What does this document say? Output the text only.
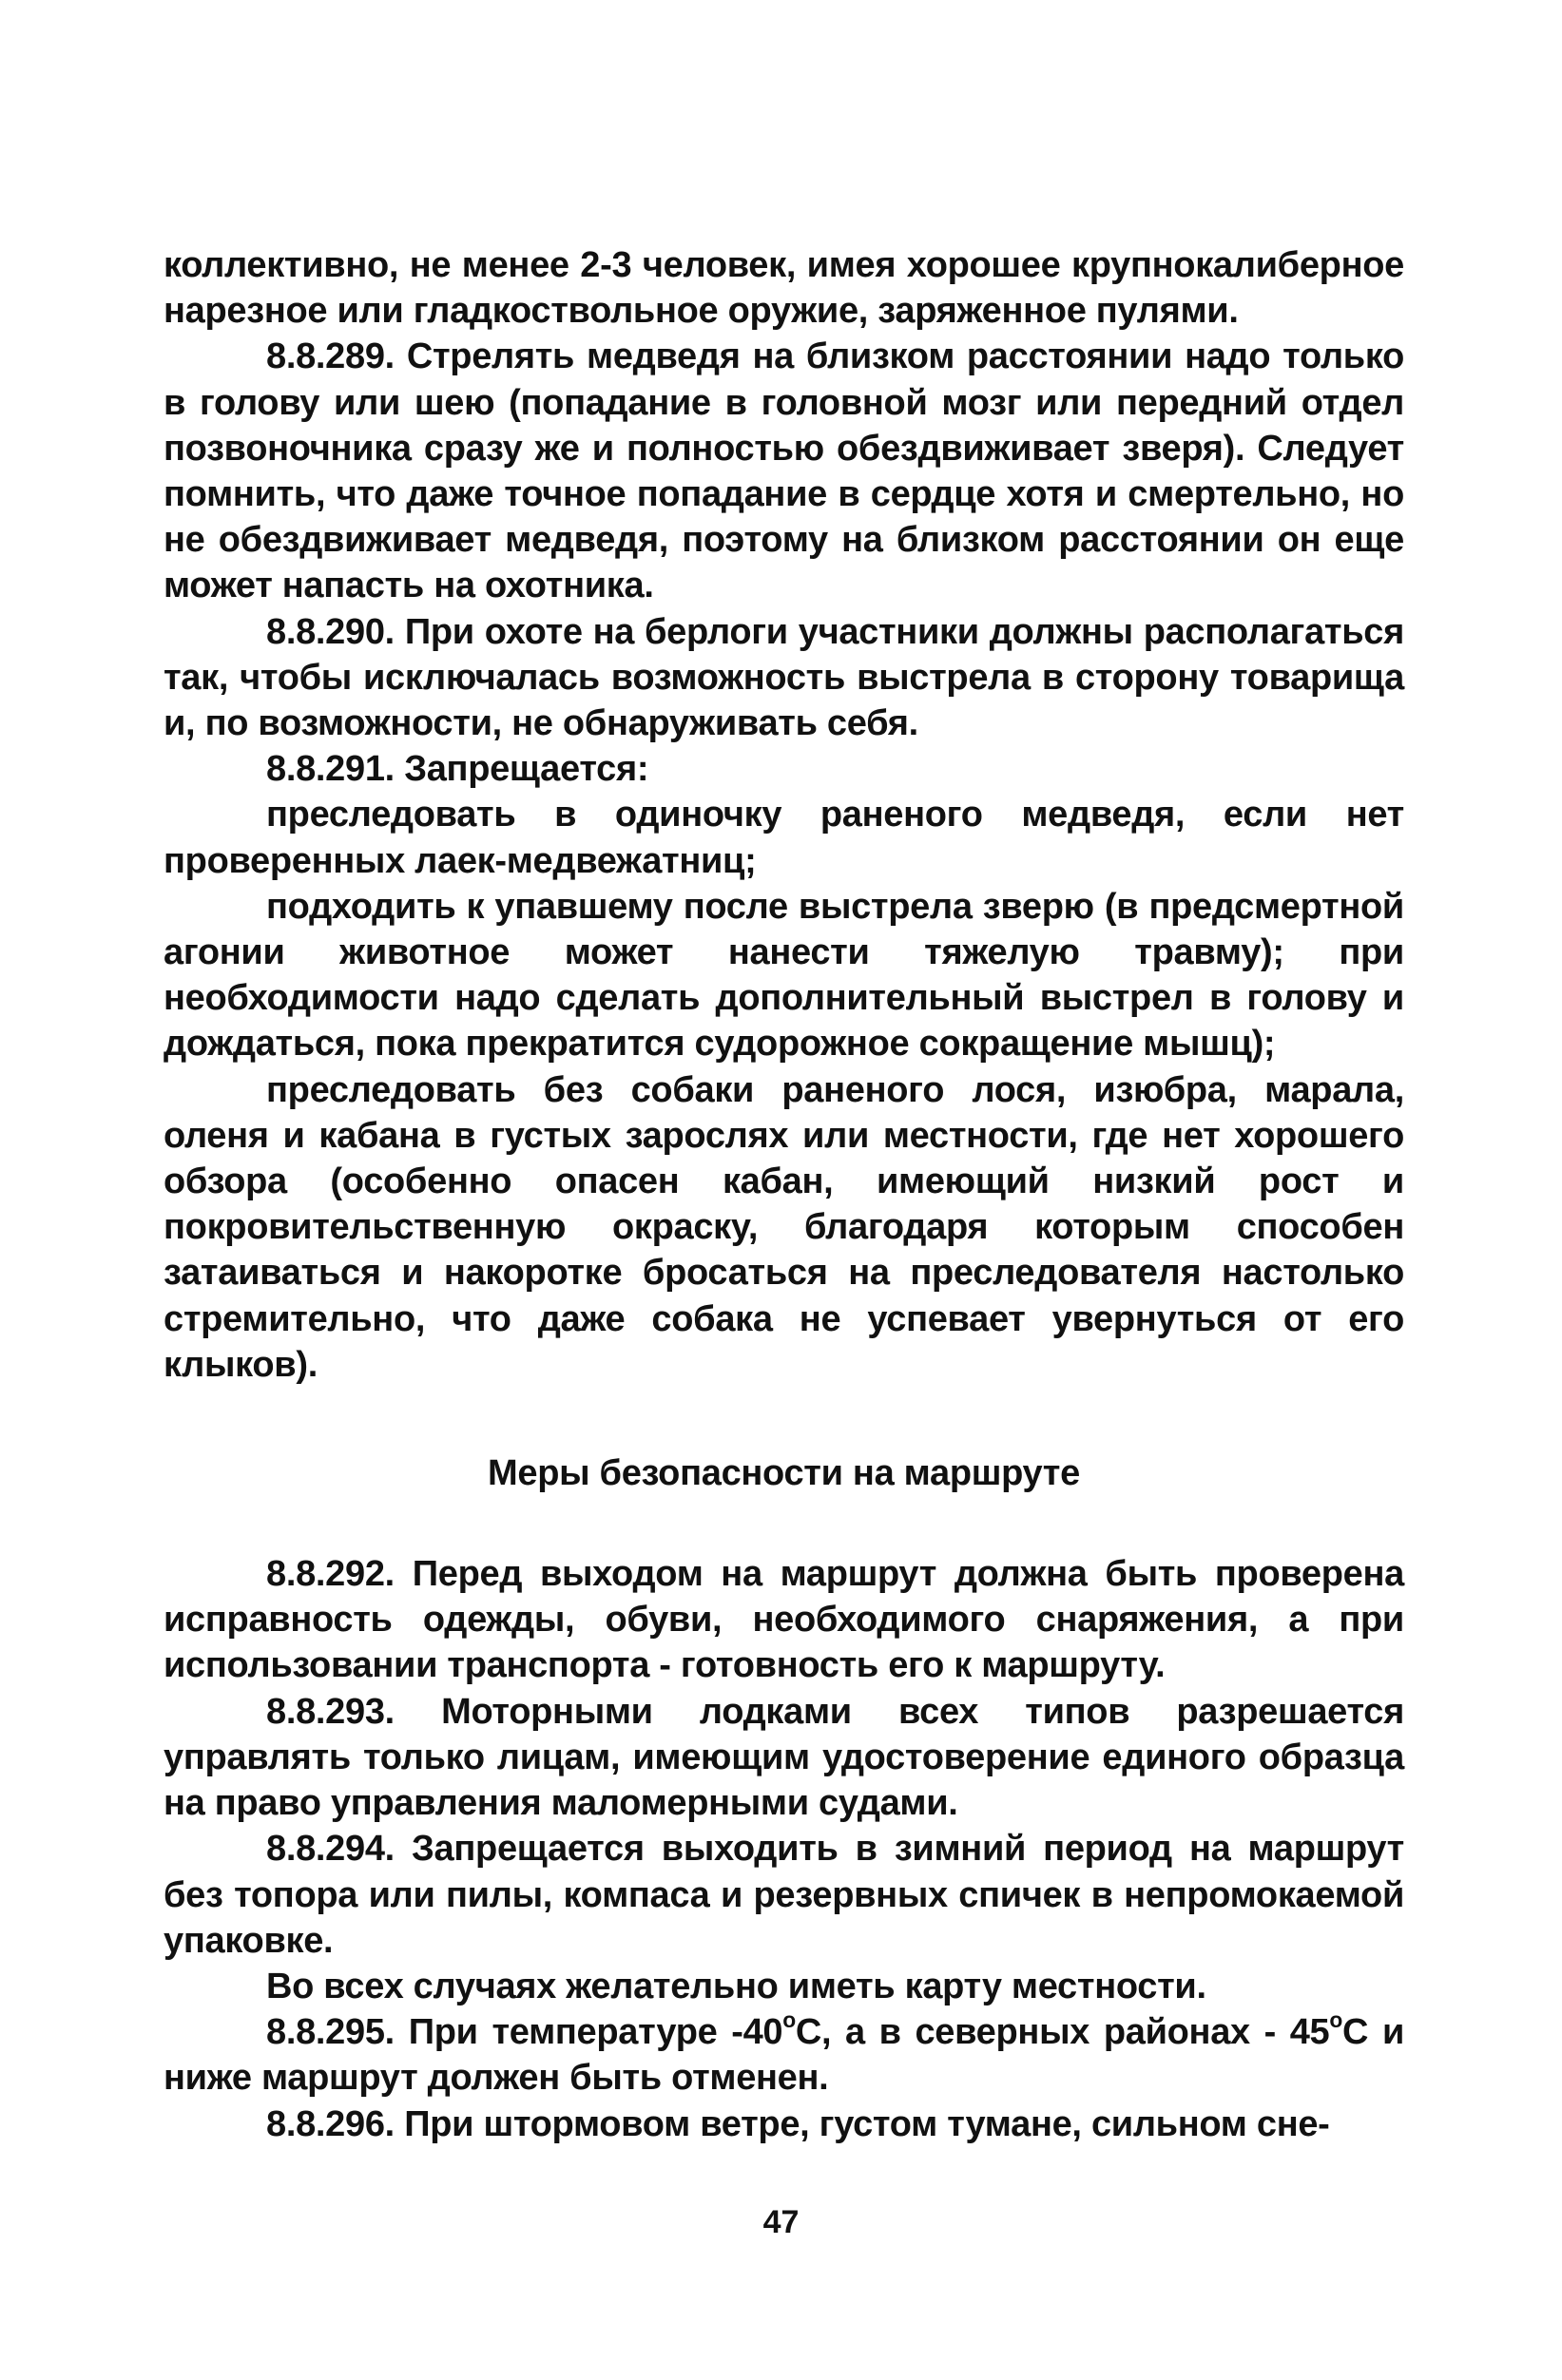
коллективно, не менее 2-3 человек, имея хорошее крупнокалиберное нарезное или гладкоствольное оружие, заряженное пулями.

8.8.289. Стрелять медведя на близком расстоянии надо только в голову или шею (попадание в головной мозг или передний отдел позвоночника сразу же и полностью обездвиживает зверя). Следует помнить, что даже точное попадание в сердце хотя и смертельно, но не обездвиживает медведя, поэтому на близком расстоянии он еще может напасть на охотника.

8.8.290. При охоте на берлоги участники должны располагаться так, чтобы исключалась возможность выстрела в сторону товарища и, по возможности, не обнаруживать себя.

8.8.291. Запрещается:

преследовать в одиночку раненого медведя, если нет проверенных лаек-медвежатниц;

подходить к упавшему после выстрела зверю (в предсмертной агонии животное может нанести тяжелую травму); при необходимости надо сделать дополнительный выстрел в голову и дождаться, пока прекратится судорожное сокращение мышц);

преследовать без собаки раненого лося, изюбра, марала, оленя и кабана в густых зарослях или местности, где нет хорошего обзора (особенно опасен кабан, имеющий низкий рост и покровительственную окраску, благодаря которым способен затаиваться и накоротке бросаться на преследователя настолько стремительно, что даже собака не успевает увернуться от его клыков).

Меры безопасности на маршруте

8.8.292. Перед выходом на маршрут должна быть проверена исправность одежды, обуви, необходимого снаряжения, а при использовании транспорта - готовность его к маршруту.

8.8.293. Моторными лодками всех типов разрешается управлять только лицам, имеющим удостоверение единого образца на право управления маломерными судами.

8.8.294. Запрещается выходить в зимний период на маршрут без топора или пилы, компаса и резервных спичек в непромокаемой упаковке.

Во всех случаях желательно иметь карту местности.

8.8.295. При температуре $-40^оС$, а в северных районах - $45^оС$ и ниже маршрут должен быть отменен.

8.8.296. При штормовом ветре, густом тумане, сильном сне-

47
